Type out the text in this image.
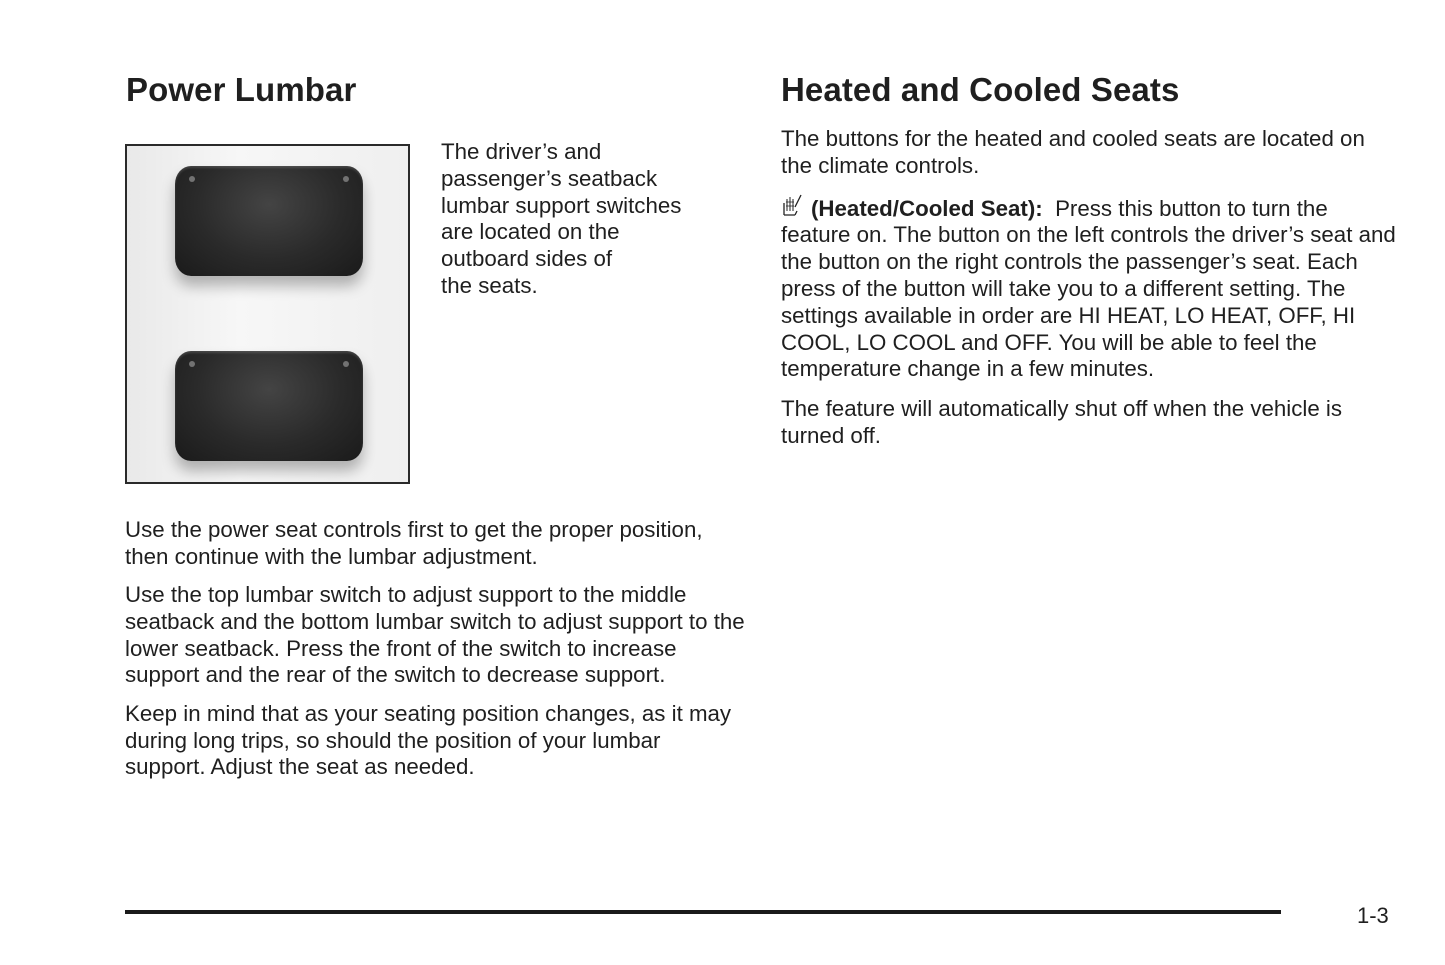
Power Lumbar

The driver’s and

passenger’s seatback

lumbar support switches

are located on the

outboard sides of

the seats.

Use the power seat controls first to get the proper position, then continue with the lumbar adjustment.

Use the top lumbar switch to adjust support to the middle seatback and the bottom lumbar switch to adjust support to the lower seatback. Press the front of the switch to increase support and the rear of the switch to decrease support.

Keep in mind that as your seating position changes, as it may during long trips, so should the position of your lumbar support. Adjust the seat as needed.

Heated and Cooled Seats

The buttons for the heated and cooled seats are located on the climate controls.

(Heated/Cooled Seat): Press this button to turn the feature on. The button on the left controls the driver’s seat and the button on the right controls the passenger’s seat. Each press of the button will take you to a different setting. The settings available in order are HI HEAT, LO HEAT, OFF, HI COOL, LO COOL and OFF. You will be able to feel the temperature change in a few minutes.

The feature will automatically shut off when the vehicle is turned off.

1-3
